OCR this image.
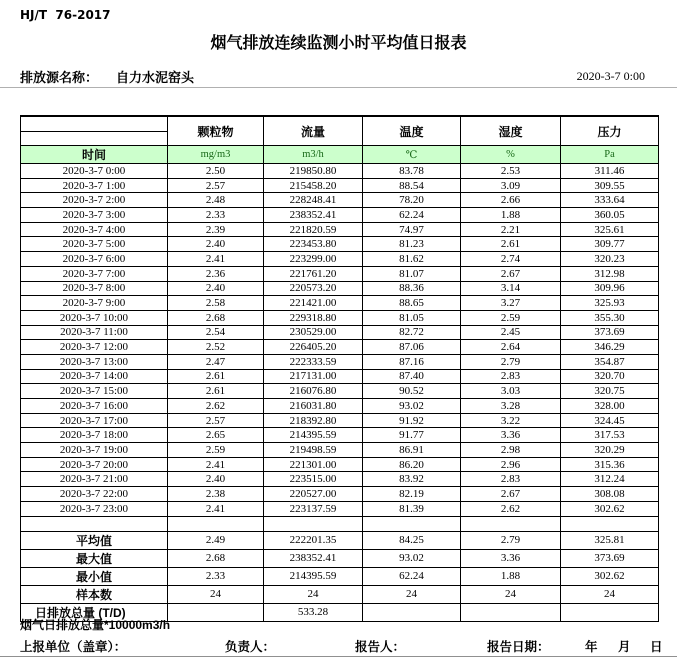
HJ/T  76-2017
烟气排放连续监测小时平均值日报表
排放源名称： 自力水泥窑头	2020-3-7 0:00
	颗粒物	流量	温度	湿度	压力
时间	mg/m3	m3/h	℃	%	Pa
2020-3-7 0:00	2.50	219850.80	83.78	2.53	311.46
2020-3-7 1:00	2.57	215458.20	88.54	3.09	309.55
2020-3-7 2:00	2.48	228248.41	78.20	2.66	333.64
2020-3-7 3:00	2.33	238352.41	62.24	1.88	360.05
2020-3-7 4:00	2.39	221820.59	74.97	2.21	325.61
2020-3-7 5:00	2.40	223453.80	81.23	2.61	309.77
2020-3-7 6:00	2.41	223299.00	81.62	2.74	320.23
2020-3-7 7:00	2.36	221761.20	81.07	2.67	312.98
2020-3-7 8:00	2.40	220573.20	88.36	3.14	309.96
2020-3-7 9:00	2.58	221421.00	88.65	3.27	325.93
2020-3-7 10:00	2.68	229318.80	81.05	2.59	355.30
2020-3-7 11:00	2.54	230529.00	82.72	2.45	373.69
2020-3-7 12:00	2.52	226405.20	87.06	2.64	346.29
2020-3-7 13:00	2.47	222333.59	87.16	2.79	354.87
2020-3-7 14:00	2.61	217131.00	87.40	2.83	320.70
2020-3-7 15:00	2.61	216076.80	90.52	3.03	320.75
2020-3-7 16:00	2.62	216031.80	93.02	3.28	328.00
2020-3-7 17:00	2.57	218392.80	91.92	3.22	324.45
2020-3-7 18:00	2.65	214395.59	91.77	3.36	317.53
2020-3-7 19:00	2.59	219498.59	86.91	2.98	320.29
2020-3-7 20:00	2.41	221301.00	86.20	2.96	315.36
2020-3-7 21:00	2.40	223515.00	83.92	2.83	312.24
2020-3-7 22:00	2.38	220527.00	82.19	2.67	308.08
2020-3-7 23:00	2.41	223137.59	81.39	2.62	302.62

平均值	2.49	222201.35	84.25	2.79	325.81
最大值	2.68	238352.41	93.02	3.36	373.69
最小值	2.33	214395.59	62.24	1.88	302.62
样本数	24	24	24	24	24
日排放总量 (T/D)		533.28			
烟气日排放总量*10000m3/h
上报单位（盖章）：	负责人：	报告人：	报告日期：	年 月 日
